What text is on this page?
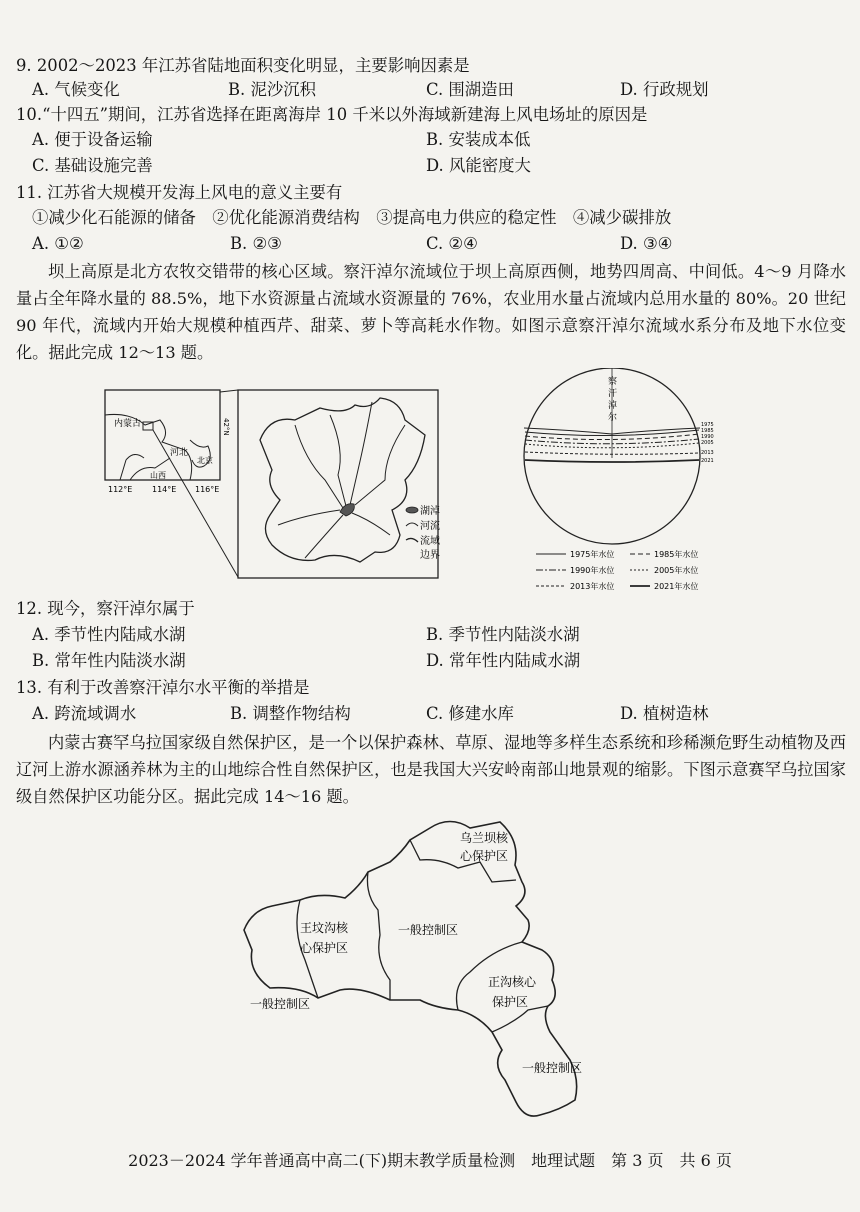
9. 2002～2023 年江苏省陆地面积变化明显，主要影响因素是
A. 气候变化	B. 泥沙沉积	C. 围湖造田	D. 行政规划
10.“十四五”期间，江苏省选择在距离海岸 10 千米以外海域新建海上风电场址的原因是
A. 便于设备运输	B. 安装成本低
C. 基础设施完善	D. 风能密度大
11. 江苏省大规模开发海上风电的意义主要有
①减少化石能源的储备　②优化能源消费结构　③提高电力供应的稳定性　④减少碳排放
A. ①②	B. ②③	C. ②④	D. ③④
坝上高原是北方农牧交错带的核心区域。察汗淖尔流域位于坝上高原西侧，地势四周高、中间低。4～9 月降水量占全年降水量的 88.5%，地下水资源量占流域水资源量的 76%，农业用水量占流域内总用水量的 80%。20 世纪 90 年代，流域内开始大规模种植西芹、甜菜、萝卜等高耗水作物。如图示意察汗淖尔流域水系分布及地下水位变化。据此完成 12～13 题。
内蒙古
河北
北京
山西
42°N
112°E 114°E 116°E
湖淖
河流
流域
边界
察
汗
淖
尔
1975
1985
1990
2005
2013
2021
1975年水位	1985年水位
1990年水位	2005年水位
2013年水位	2021年水位
12. 现今，察汗淖尔属于
A. 季节性内陆咸水湖	B. 季节性内陆淡水湖
B. 常年性内陆淡水湖	D. 常年性内陆咸水湖
13. 有利于改善察汗淖尔水平衡的举措是
A. 跨流域调水	B. 调整作物结构	C. 修建水库	D. 植树造林
内蒙古赛罕乌拉国家级自然保护区，是一个以保护森林、草原、湿地等多样生态系统和珍稀濒危野生动植物及西辽河上游水源涵养林为主的山地综合性自然保护区，也是我国大兴安岭南部山地景观的缩影。下图示意赛罕乌拉国家级自然保护区功能分区。据此完成 14～16 题。
乌兰坝核
心保护区
王坟沟核
心保护区
一般控制区
一般控制区
正沟核心
保护区
一般控制区
2023－2024 学年普通高中高二(下)期末教学质量检测　地理试题　第 3 页　共 6 页
